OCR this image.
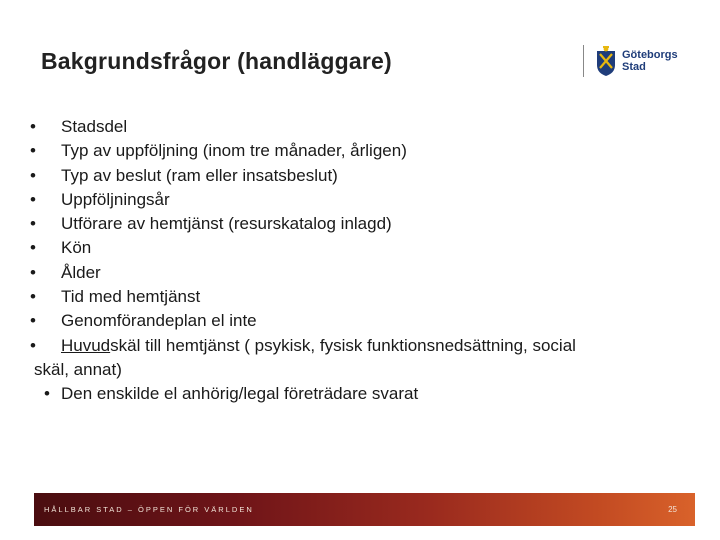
Bakgrundsfrågor (handläggare)	Göteborgs
Stad
• Stadsdel
• Typ av uppföljning (inom tre månader, årligen)
• Typ av beslut (ram eller insatsbeslut)
• Uppföljningsår
• Utförare av hemtjänst (resurskatalog inlagd)
• Kön
• Ålder
• Tid med hemtjänst
• Genomförandeplan el inte
• Huvudskäl till hemtjänst ( psykisk, fysisk funktionsnedsättning, social
skäl, annat)
• Den enskilde el anhörig/legal företrädare svarat
HÅLLBAR STAD – ÖPPEN FÖR VÄRLDEN	25
